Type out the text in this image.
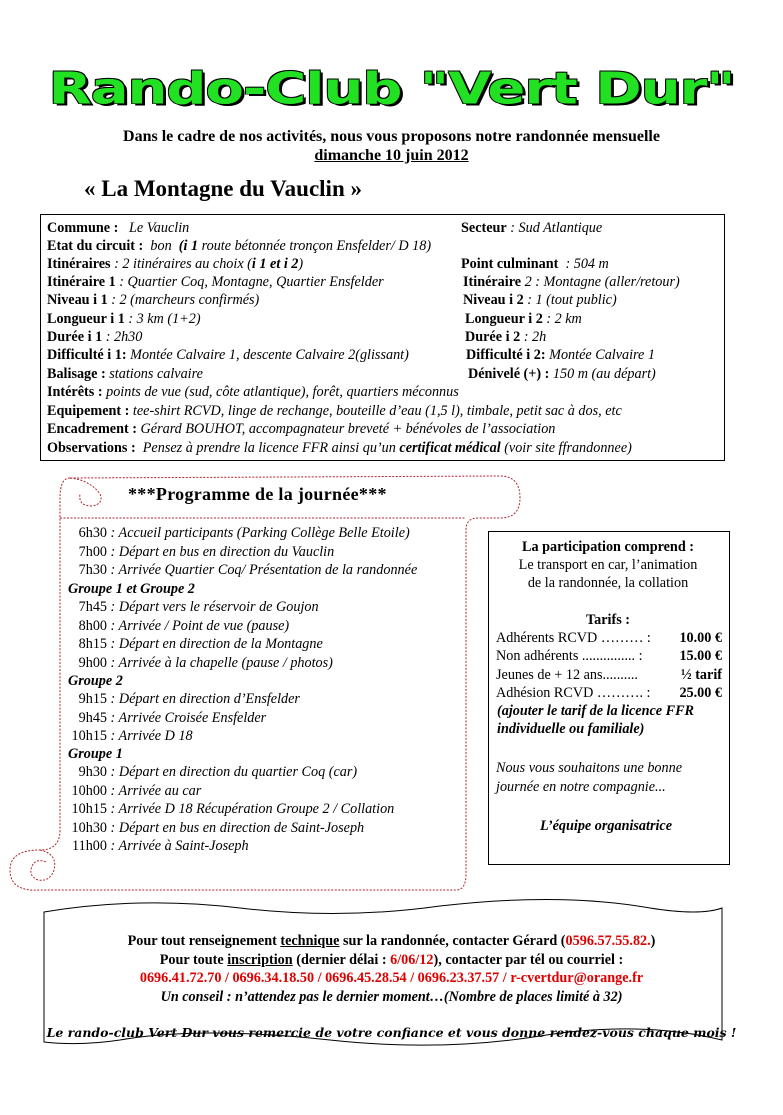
Rando-Club "Vert Dur"
Dans le cadre de nos activités, nous vous proposons notre randonnée mensuelle
dimanche 10 juin 2012
« La Montagne du Vauclin »
Commune : Le Vauclin	Secteur : Sud Atlantique
Etat du circuit : bon (i 1 route bétonnée tronçon Ensfelder/ D 18)
Itinéraires : 2 itinéraires au choix (i 1 et i 2)	Point culminant : 504 m
Itinéraire 1 : Quartier Coq, Montagne, Quartier Ensfelder	Itinéraire 2 : Montagne (aller/retour)
Niveau i 1 : 2 (marcheurs confirmés)	Niveau i 2 : 1 (tout public)
Longueur i 1 : 3 km (1+2)	Longueur i 2 : 2 km
Durée i 1 : 2h30	Durée i 2 : 2h
Difficulté i 1: Montée Calvaire 1, descente Calvaire 2(glissant)	Difficulté i 2: Montée Calvaire 1
Balisage : stations calvaire	Dénivelé (+) : 150 m (au départ)
Intérêts : points de vue (sud, côte atlantique), forêt, quartiers méconnus
Equipement : tee-shirt RCVD, linge de rechange, bouteille d’eau (1,5 l), timbale, petit sac à dos, etc
Encadrement : Gérard BOUHOT, accompagnateur breveté + bénévoles de l’association
Observations : Pensez à prendre la licence FFR ainsi qu’un certificat médical (voir site ffrandonnee)
***Programme de la journée***
6h30 : Accueil participants (Parking Collège Belle Etoile)
7h00 : Départ en bus en direction du Vauclin
7h30 : Arrivée Quartier Coq/ Présentation de la randonnée
Groupe 1 et Groupe 2
7h45 : Départ vers le réservoir de Goujon
8h00 : Arrivée / Point de vue (pause)
8h15 : Départ en direction de la Montagne
9h00 : Arrivée à la chapelle (pause / photos)
Groupe 2
9h15 : Départ en direction d’Ensfelder
9h45 : Arrivée Croisée Ensfelder
10h15 : Arrivée D 18
Groupe 1
9h30 : Départ en direction du quartier Coq (car)
10h00 : Arrivée au car
10h15 : Arrivée D 18 Récupération Groupe 2 / Collation
10h30 : Départ en bus en direction de Saint-Joseph
11h00 : Arrivée à Saint-Joseph
La participation comprend :
Le transport en car, l’animation
de la randonnée, la collation
Tarifs :
Adhérents RCVD ……… : 10.00 €
Non adhérents ............... :	15.00 €
Jeunes de + 12 ans..........	½ tarif
Adhésion RCVD ………. : 25.00 €
(ajouter le tarif de la licence FFR
individuelle ou familiale)
Nous vous souhaitons une bonne
journée en notre compagnie...
L’équipe organisatrice
Pour tout renseignement technique sur la randonnée, contacter Gérard (0596.57.55.82.)
Pour toute inscription (dernier délai : 6/06/12), contacter par tél ou courriel :
0696.41.72.70 / 0696.34.18.50 / 0696.45.28.54 / 0696.23.37.57 / r-cvertdur@orange.fr
Un conseil : n’attendez pas le dernier moment…(Nombre de places limité à 32)
Le rando-club Vert Dur vous remercie de votre confiance et vous donne rendez-vous chaque mois !
